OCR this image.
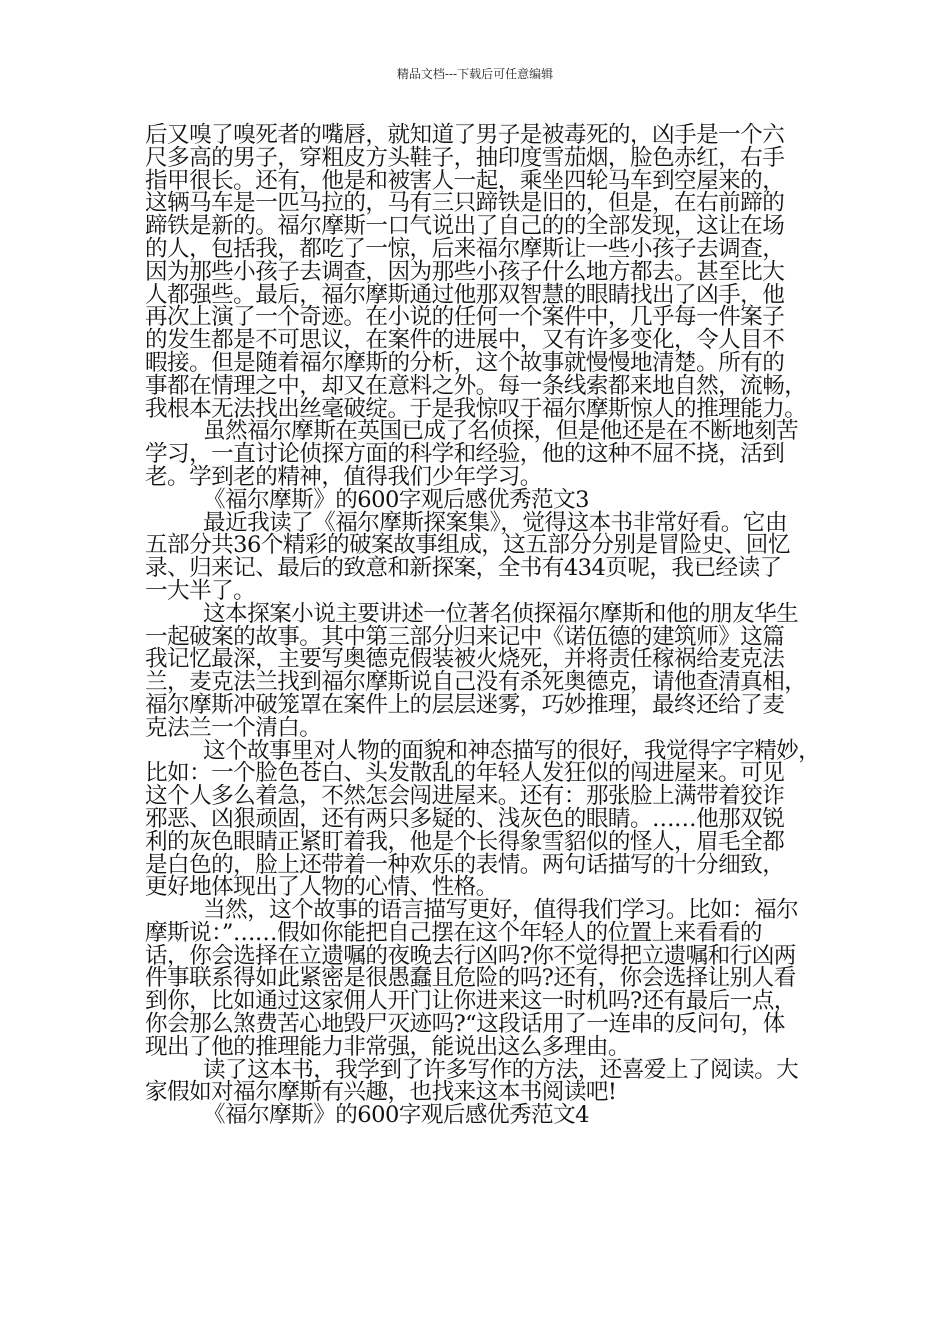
精品文档---下载后可任意编辑
后又嗅了嗅死者的嘴唇，就知道了男子是被毒死的，凶手是一个六
尺多高的男子，穿粗皮方头鞋子，抽印度雪茄烟，脸色赤红，右手
指甲很长。还有，他是和被害人一起，乘坐四轮马车到空屋来的，
这辆马车是一匹马拉的，马有三只蹄铁是旧的，但是，在右前蹄的
蹄铁是新的。福尔摩斯一口气说出了自己的的全部发现，这让在场
的人，包括我，都吃了一惊，后来福尔摩斯让一些小孩子去调查，
因为那些小孩子去调查，因为那些小孩子什么地方都去。甚至比大
人都强些。最后，福尔摩斯通过他那双智慧的眼睛找出了凶手，他
再次上演了一个奇迹。在小说的任何一个案件中，几乎每一件案子
的发生都是不可思议，在案件的进展中，又有许多变化，令人目不
暇接。但是随着福尔摩斯的分析，这个故事就慢慢地清楚。所有的
事都在情理之中，却又在意料之外。每一条线索都来地自然，流畅，
我根本无法找出丝毫破绽。于是我惊叹于福尔摩斯惊人的推理能力。
虽然福尔摩斯在英国已成了名侦探，但是他还是在不断地刻苦
学习，一直讨论侦探方面的科学和经验，他的这种不屈不挠，活到
老。学到老的精神，值得我们少年学习。
《福尔摩斯》的600字观后感优秀范文3
最近我读了《福尔摩斯探案集》，觉得这本书非常好看。它由
五部分共36个精彩的破案故事组成，这五部分分别是冒险史、回忆
录、归来记、最后的致意和新探案，全书有434页呢，我已经读了
一大半了。
这本探案小说主要讲述一位著名侦探福尔摩斯和他的朋友华生
一起破案的故事。其中第三部分归来记中《诺伍德的建筑师》这篇
我记忆最深，主要写奥德克假装被火烧死，并将责任稼祸给麦克法
兰，麦克法兰找到福尔摩斯说自己没有杀死奥德克，请他查清真相，
福尔摩斯冲破笼罩在案件上的层层迷雾，巧妙推理，最终还给了麦
克法兰一个清白。
这个故事里对人物的面貌和神态描写的很好，我觉得字字精妙，
比如：一个脸色苍白、头发散乱的年轻人发狂似的闯进屋来。可见
这个人多么着急，不然怎会闯进屋来。还有：那张脸上满带着狡诈
邪恶、凶狠顽固，还有两只多疑的、浅灰色的眼睛。……他那双锐
利的灰色眼睛正紧盯着我，他是个长得象雪貂似的怪人，眉毛全都
是白色的，脸上还带着一种欢乐的表情。两句话描写的十分细致，
更好地体现出了人物的心情、性格。
当然，这个故事的语言描写更好，值得我们学习。比如：福尔
摩斯说：”……假如你能把自己摆在这个年轻人的位置上来看看的
话，你会选择在立遗嘱的夜晚去行凶吗?你不觉得把立遗嘱和行凶两
件事联系得如此紧密是很愚蠢且危险的吗?还有，你会选择让别人看
到你，比如通过这家佣人开门让你进来这一时机吗?还有最后一点，
你会那么煞费苦心地毁尸灭迹吗?“这段话用了一连串的反问句，体
现出了他的推理能力非常强，能说出这么多理由。
读了这本书，我学到了许多写作的方法，还喜爱上了阅读。大
家假如对福尔摩斯有兴趣，也找来这本书阅读吧!
《福尔摩斯》的600字观后感优秀范文4
